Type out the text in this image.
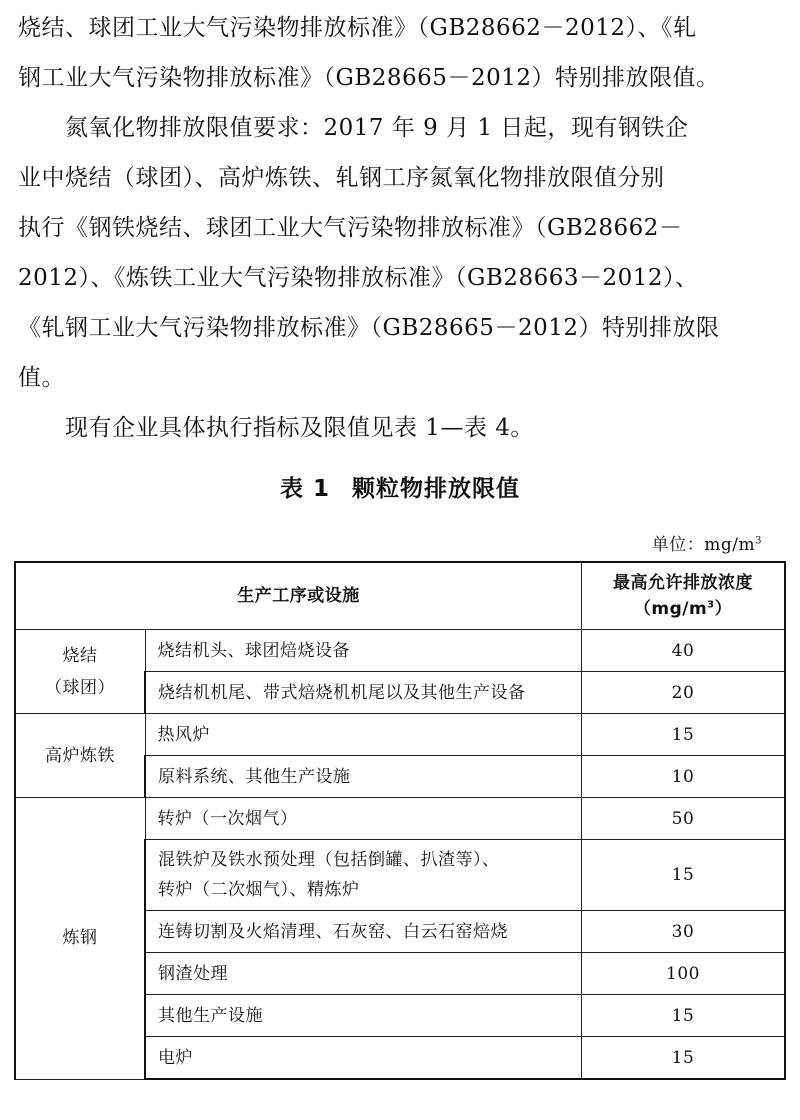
烧结、球团工业大气污染物排放标准》（GB28662－2012）、《轧
钢工业大气污染物排放标准》（GB28665－2012）特别排放限值。
　　氮氧化物排放限值要求：2017 年 9 月 1 日起，现有钢铁企
业中烧结（球团）、高炉炼铁、轧钢工序氮氧化物排放限值分别
执行《钢铁烧结、球团工业大气污染物排放标准》（GB28662－
2012）、《炼铁工业大气污染物排放标准》（GB28663－2012）、
《轧钢工业大气污染物排放标准》（GB28665－2012）特别排放限
值。
　　现有企业具体执行指标及限值见表 1—表 4。
表 1 颗粒物排放限值
单位：$mg/m^3$
生产工序或设施		最高允许排放浓度
$(mg/m^3)$

烧结
（球团）	烧结机头、球团焙烧设备	40

	烧结机机尾、带式焙烧机机尾以及其他生产设备	20

高炉炼铁	热风炉	15

	原料系统、其他生产设施	10

炼钢	转炉（一次烟气）	50

	混铁炉及铁水预处理（包括倒罐、扒渣等）、
转炉（二次烟气）、精炼炉	15

	连铸切割及火焰清理、石灰窑、白云石窑焙烧	30

	钢渣处理	100

	其他生产设施	15

	电炉	15
